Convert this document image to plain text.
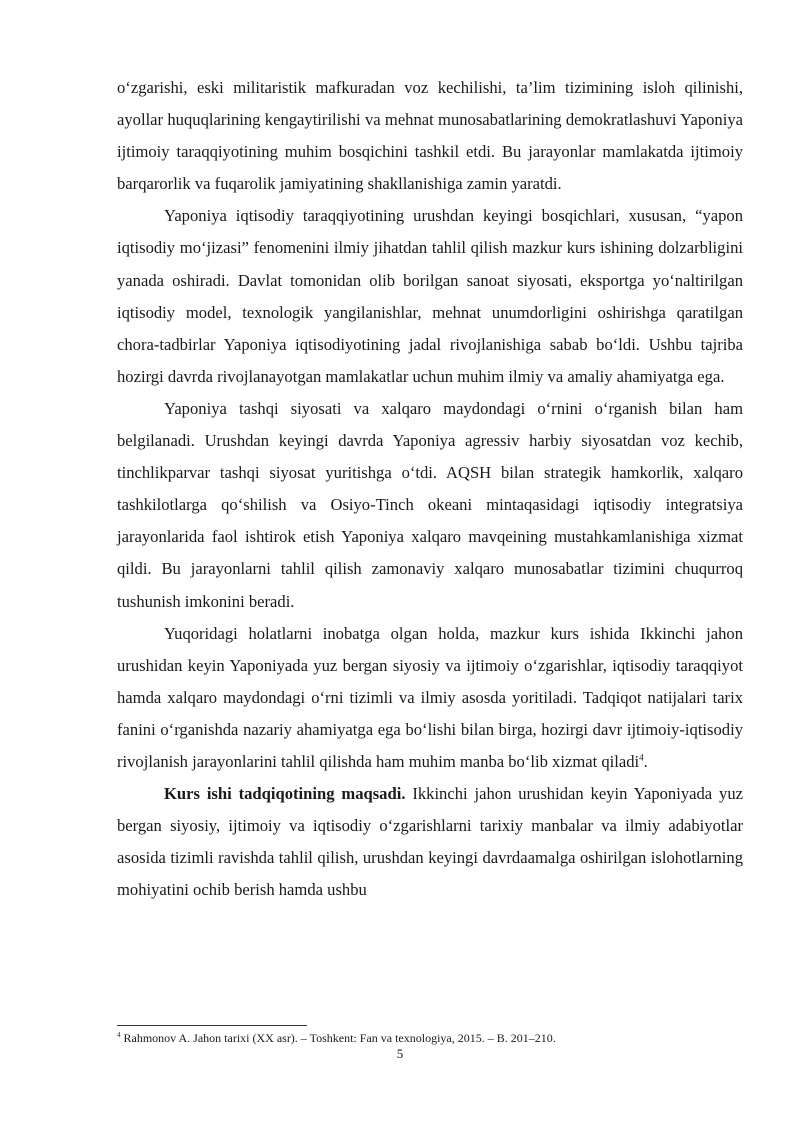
o‘zgarishi, eski militaristik mafkuradan voz kechilishi, ta’lim tizimining isloh qilinishi, ayollar huquqlarining kengaytirilishi va mehnat munosabatlarining demokratlashuvi Yaponiya ijtimoiy taraqqiyotining muhim bosqichini tashkil etdi. Bu jarayonlar mamlakatda ijtimoiy barqarorlik va fuqarolik jamiyatining shakllanishiga zamin yaratdi.

Yaponiya iqtisodiy taraqqiyotining urushdan keyingi bosqichlari, xususan, “yapon iqtisodiy mo‘jizasi” fenomenini ilmiy jihatdan tahlil qilish mazkur kurs ishining dolzarbligini yanada oshiradi. Davlat tomonidan olib borilgan sanoat siyosati, eksportga yo‘naltirilgan iqtisodiy model, texnologik yangilanishlar, mehnat unumdorligini oshirishga qaratilgan chora-tadbirlar Yaponiya iqtisodiyotining jadal rivojlanishiga sabab bo‘ldi. Ushbu tajriba hozirgi davrda rivojlanayotgan mamlakatlar uchun muhim ilmiy va amaliy ahamiyatga ega.

Yaponiya tashqi siyosati va xalqaro maydondagi o‘rnini o‘rganish bilan ham belgilanadi. Urushdan keyingi davrda Yaponiya agressiv harbiy siyosatdan voz kechib, tinchlikparvar tashqi siyosat yuritishga o‘tdi. AQSH bilan strategik hamkorlik, xalqaro tashkilotlarga qo‘shilish va Osiyo-Tinch okeani mintaqasidagi iqtisodiy integratsiya jarayonlarida faol ishtirok etish Yaponiya xalqaro mavqeining mustahkamlanishiga xizmat qildi. Bu jarayonlarni tahlil qilish zamonaviy xalqaro munosabatlar tizimini chuqurroq tushunish imkonini beradi.

Yuqoridagi holatlarni inobatga olgan holda, mazkur kurs ishida Ikkinchi jahon urushidan keyin Yaponiyada yuz bergan siyosiy va ijtimoiy o‘zgarishlar, iqtisodiy taraqqiyot hamda xalqaro maydondagi o‘rni tizimli va ilmiy asosda yoritiladi. Tadqiqot natijalari tarix fanini o‘rganishda nazariy ahamiyatga ega bo‘lishi bilan birga, hozirgi davr ijtimoiy-iqtisodiy rivojlanish jarayonlarini tahlil qilishda ham muhim manba bo‘lib xizmat qiladi$^4$.

Kurs ishi tadqiqotining maqsadi. Ikkinchi jahon urushidan keyin Yaponiyada yuz bergan siyosiy, ijtimoiy va iqtisodiy o‘zgarishlarni tarixiy manbalar va ilmiy adabiyotlar asosida tizimli ravishda tahlil qilish, urushdan keyingi davrdaamalga oshirilgan islohotlarning mohiyatini ochib berish hamda ushbu

$^4$ Rahmonov A. Jahon tarixi (XX asr). – Toshkent: Fan va texnologiya, 2015. – B. 201–210.
5
